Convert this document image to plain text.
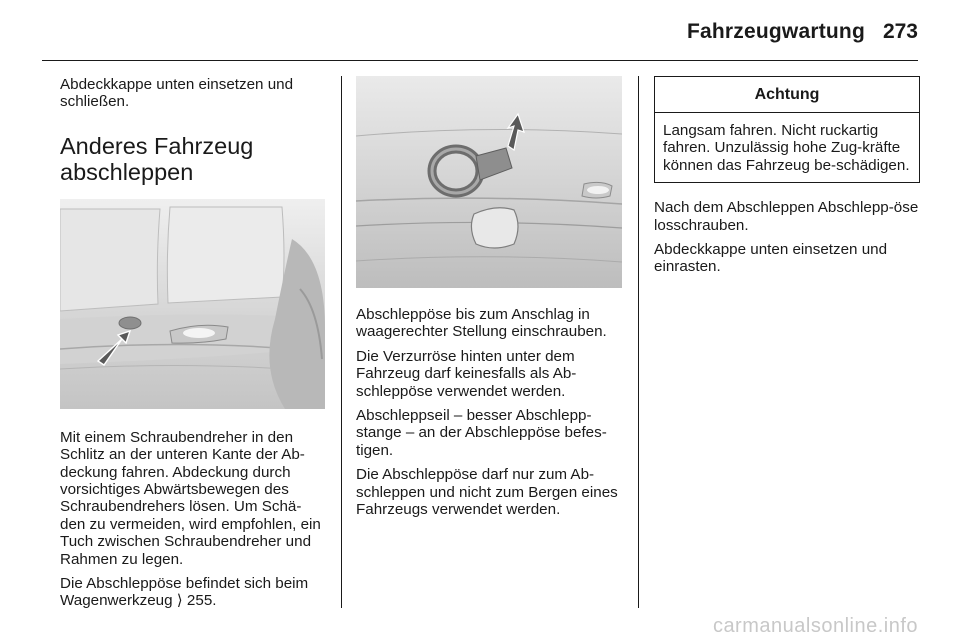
Fahrzeugwartung 273

Abdeckkappe unten einsetzen und schließen.

Anderes Fahrzeug abschleppen

Mit einem Schraubendreher in den Schlitz an der unteren Kante der Ab-deckung fahren. Abdeckung durch vorsichtiges Abwärtsbewegen des Schraubendrehers lösen. Um Schä-den zu vermeiden, wird empfohlen, ein Tuch zwischen Schraubendreher und Rahmen zu legen.

Die Abschleppöse befindet sich beim Wagenwerkzeug ⟩ 255.

Abschleppöse bis zum Anschlag in waagerechter Stellung einschrauben.

Die Verzurröse hinten unter dem Fahrzeug darf keinesfalls als Ab-schleppöse verwendet werden.

Abschleppseil – besser Abschlepp-stange – an der Abschleppöse befes-tigen.

Die Abschleppöse darf nur zum Ab-schleppen und nicht zum Bergen eines Fahrzeugs verwendet werden.

Achtung
Langsam fahren. Nicht ruckartig fahren. Unzulässig hohe Zug-kräfte können das Fahrzeug be-schädigen.

Nach dem Abschleppen Abschlepp-öse losschrauben.

Abdeckkappe unten einsetzen und einrasten.

carmanualsonline.info
